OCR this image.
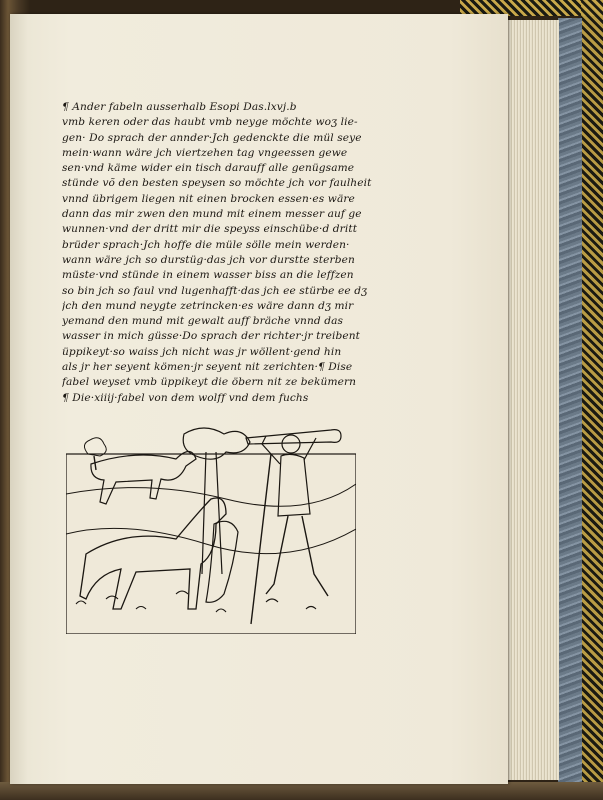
¶ Ander fabeln ausserhalb Esopi Das.lxvj.b
vmb keren oder das haubt vmb neyge möchte woʒ lie-
gen· Do sprach der annder·Jch gedenckte die mül seye
mein·wann wäre jch viertzehen tag vngeessen gewe
sen·vnd käme wider ein tisch darauff alle genügsame
stünde võ den besten speysen so möchte jch vor faulheit
vnnd übrigem liegen nit einen brocken essen·es wäre
dann das mir zwen den mund mit einem messer auf ge
wunnen·vnd der dritt mir die speyss einschübe·d dritt
brüder sprach·Jch hoffe die müle sölle mein werden·
wann wäre jch so durstüg·das jch vor durstte sterben
müste·vnd stünde in einem wasser biss an die leffzen
so bin jch so faul vnd lugenhafft·das jch ee stürbe ee dʒ
jch den mund neygte zetrincken·es wäre dann dʒ mir
yemand den mund mit gewalt auff bräche vnnd das
wasser in mich güsse·Do sprach der richter·jr treibent
üppikeyt·so waiss jch nicht was jr wöllent·gend hin
als jr her seyent kömen·jr seyent nit zerichten·¶ Dise
fabel weyset vmb üppikeyt die öbern nit ze bekümern
¶ Die·xiiij·fabel von dem wolff vnd dem fuchs
